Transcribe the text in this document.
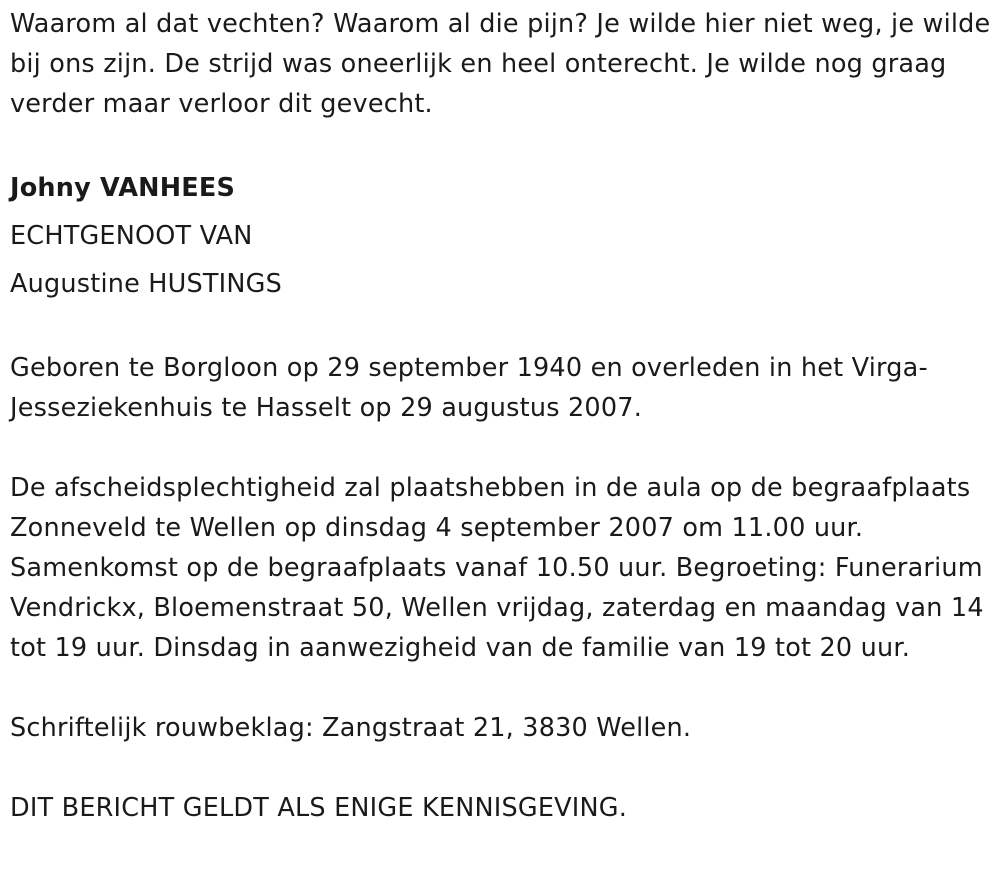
Waarom al dat vechten? Waarom al die pijn? Je wilde hier niet weg, je wilde bij ons zijn. De strijd was oneerlijk en heel onterecht. Je wilde nog graag verder maar verloor dit gevecht.

Johny VANHEES

ECHTGENOOT VAN

Augustine HUSTINGS

Geboren te Borgloon op 29 september 1940 en overleden in het Virga-Jesseziekenhuis te Hasselt op 29 augustus 2007.

De afscheidsplechtigheid zal plaatshebben in de aula op de begraafplaats Zonneveld te Wellen op dinsdag 4 september 2007 om 11.00 uur. Samenkomst op de begraafplaats vanaf 10.50 uur. Begroeting: Funerarium Vendrickx, Bloemenstraat 50, Wellen vrijdag, zaterdag en maandag van 14 tot 19 uur. Dinsdag in aanwezigheid van de familie van 19 tot 20 uur.

Schriftelijk rouwbeklag: Zangstraat 21, 3830 Wellen.

DIT BERICHT GELDT ALS ENIGE KENNISGEVING.
